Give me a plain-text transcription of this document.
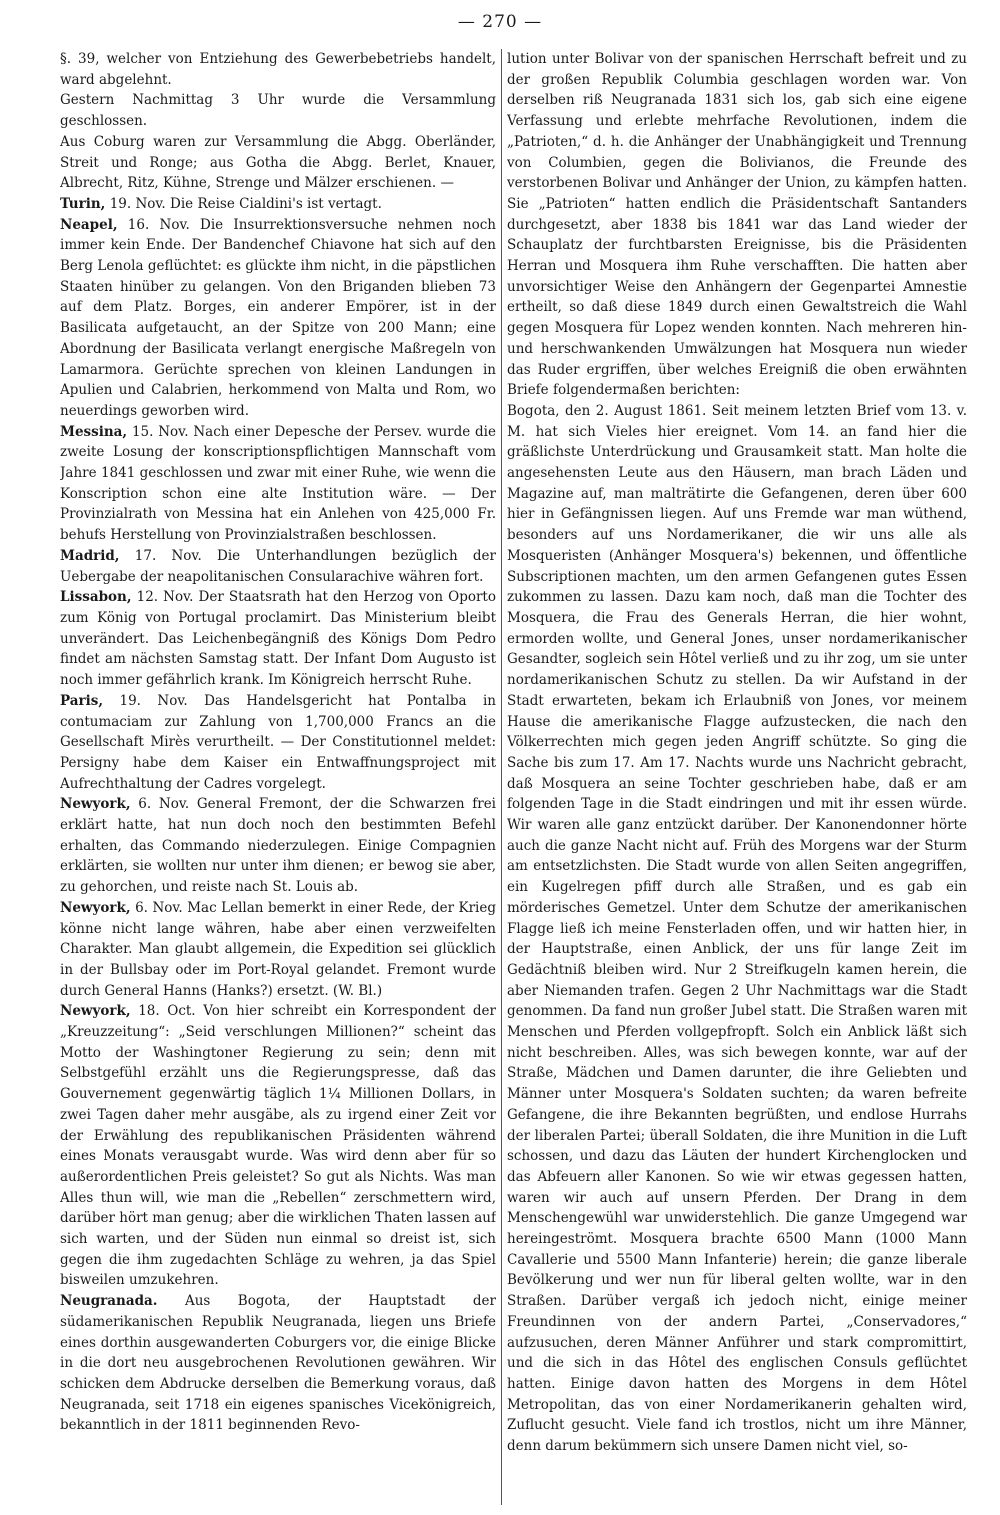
— 270 —

§. 39, welcher von Entziehung des Gewerbebetriebs handelt, ward abgelehnt.

Gestern Nachmittag 3 Uhr wurde die Versammlung geschlossen.

Aus Coburg waren zur Versammlung die Abgg. Oberländer, Streit und Ronge; aus Gotha die Abgg. Berlet, Knauer, Albrecht, Ritz, Kühne, Strenge und Mälzer erschienen. —

Turin, 19. Nov. Die Reise Cialdini's ist vertagt.

Neapel, 16. Nov. Die Insurrektionsversuche nehmen noch immer kein Ende. Der Bandenchef Chiavone hat sich auf den Berg Lenola geflüchtet: es glückte ihm nicht, in die päpstlichen Staaten hinüber zu gelangen. Von den Briganden blieben 73 auf dem Platz. Borges, ein anderer Empörer, ist in der Basilicata aufgetaucht, an der Spitze von 200 Mann; eine Abordnung der Basilicata verlangt energische Maßregeln von Lamarmora. Gerüchte sprechen von kleinen Landungen in Apulien und Calabrien, herkommend von Malta und Rom, wo neuerdings geworben wird.

Messina, 15. Nov. Nach einer Depesche der Persev. wurde die zweite Losung der konscriptionspflichtigen Mannschaft vom Jahre 1841 geschlossen und zwar mit einer Ruhe, wie wenn die Konscription schon eine alte Institution wäre. — Der Provinzialrath von Messina hat ein Anlehen von 425,000 Fr. behufs Herstellung von Provinzialstraßen beschlossen.

Madrid, 17. Nov. Die Unterhandlungen bezüglich der Uebergabe der neapolitanischen Consularachive währen fort.

Lissabon, 12. Nov. Der Staatsrath hat den Herzog von Oporto zum König von Portugal proclamirt. Das Ministerium bleibt unverändert. Das Leichenbegängniß des Königs Dom Pedro findet am nächsten Samstag statt. Der Infant Dom Augusto ist noch immer gefährlich krank. Im Königreich herrscht Ruhe.

Paris, 19. Nov. Das Handelsgericht hat Pontalba in contumaciam zur Zahlung von 1,700,000 Francs an die Gesellschaft Mirès verurtheilt. — Der Constitutionnel meldet: Persigny habe dem Kaiser ein Entwaffnungsproject mit Aufrechthaltung der Cadres vorgelegt.

Newyork, 6. Nov. General Fremont, der die Schwarzen frei erklärt hatte, hat nun doch noch den bestimmten Befehl erhalten, das Commando niederzulegen. Einige Compagnien erklärten, sie wollten nur unter ihm dienen; er bewog sie aber, zu gehorchen, und reiste nach St. Louis ab.

Newyork, 6. Nov. Mac Lellan bemerkt in einer Rede, der Krieg könne nicht lange währen, habe aber einen verzweifelten Charakter. Man glaubt allgemein, die Expedition sei glücklich in der Bullsbay oder im Port-Royal gelandet. Fremont wurde durch General Hanns (Hanks?) ersetzt. (W. Bl.)

Newyork, 18. Oct. Von hier schreibt ein Korrespondent der „Kreuzzeitung“: „Seid verschlungen Millionen?“ scheint das Motto der Washingtoner Regierung zu sein; denn mit Selbstgefühl erzählt uns die Regierungspresse, daß das Gouvernement gegenwärtig täglich 1¼ Millionen Dollars, in zwei Tagen daher mehr ausgäbe, als zu irgend einer Zeit vor der Erwählung des republikanischen Präsidenten während eines Monats verausgabt wurde. Was wird denn aber für so außerordentlichen Preis geleistet? So gut als Nichts. Was man Alles thun will, wie man die „Rebellen“ zerschmettern wird, darüber hört man genug; aber die wirklichen Thaten lassen auf sich warten, und der Süden nun einmal so dreist ist, sich gegen die ihm zugedachten Schläge zu wehren, ja das Spiel bisweilen umzukehren.

Neugranada. Aus Bogota, der Hauptstadt der südamerikanischen Republik Neugranada, liegen uns Briefe eines dorthin ausgewanderten Coburgers vor, die einige Blicke in die dort neu ausgebrochenen Revolutionen gewähren. Wir schicken dem Abdrucke derselben die Bemerkung voraus, daß Neugranada, seit 1718 ein eigenes spanisches Vicekönigreich, bekanntlich in der 1811 beginnenden Revo-

lution unter Bolivar von der spanischen Herrschaft befreit und zu der großen Republik Columbia geschlagen worden war. Von derselben riß Neugranada 1831 sich los, gab sich eine eigene Verfassung und erlebte mehrfache Revolutionen, indem die „Patrioten,“ d. h. die Anhänger der Unabhängigkeit und Trennung von Columbien, gegen die Bolivianos, die Freunde des verstorbenen Bolivar und Anhänger der Union, zu kämpfen hatten. Sie „Patrioten“ hatten endlich die Präsidentschaft Santanders durchgesetzt, aber 1838 bis 1841 war das Land wieder der Schauplatz der furchtbarsten Ereignisse, bis die Präsidenten Herran und Mosquera ihm Ruhe verschafften. Die hatten aber unvorsichtiger Weise den Anhängern der Gegenpartei Amnestie ertheilt, so daß diese 1849 durch einen Gewaltstreich die Wahl gegen Mosquera für Lopez wenden konnten. Nach mehreren hin- und herschwankenden Umwälzungen hat Mosquera nun wieder das Ruder ergriffen, über welches Ereigniß die oben erwähnten Briefe folgendermaßen berichten:

Bogota, den 2. August 1861. Seit meinem letzten Brief vom 13. v. M. hat sich Vieles hier ereignet. Vom 14. an fand hier die gräßlichste Unterdrückung und Grausamkeit statt. Man holte die angesehensten Leute aus den Häusern, man brach Läden und Magazine auf, man malträtirte die Gefangenen, deren über 600 hier in Gefängnissen liegen. Auf uns Fremde war man wüthend, besonders auf uns Nordamerikaner, die wir uns alle als Mosqueristen (Anhänger Mosquera's) bekennen, und öffentliche Subscriptionen machten, um den armen Gefangenen gutes Essen zukommen zu lassen. Dazu kam noch, daß man die Tochter des Mosquera, die Frau des Generals Herran, die hier wohnt, ermorden wollte, und General Jones, unser nordamerikanischer Gesandter, sogleich sein Hôtel verließ und zu ihr zog, um sie unter nordamerikanischen Schutz zu stellen. Da wir Aufstand in der Stadt erwarteten, bekam ich Erlaubniß von Jones, vor meinem Hause die amerikanische Flagge aufzustecken, die nach den Völkerrechten mich gegen jeden Angriff schützte. So ging die Sache bis zum 17. Am 17. Nachts wurde uns Nachricht gebracht, daß Mosquera an seine Tochter geschrieben habe, daß er am folgenden Tage in die Stadt eindringen und mit ihr essen würde. Wir waren alle ganz entzückt darüber. Der Kanonendonner hörte auch die ganze Nacht nicht auf. Früh des Morgens war der Sturm am entsetzlichsten. Die Stadt wurde von allen Seiten angegriffen, ein Kugelregen pfiff durch alle Straßen, und es gab ein mörderisches Gemetzel. Unter dem Schutze der amerikanischen Flagge ließ ich meine Fensterladen offen, und wir hatten hier, in der Hauptstraße, einen Anblick, der uns für lange Zeit im Gedächtniß bleiben wird. Nur 2 Streifkugeln kamen herein, die aber Niemanden trafen. Gegen 2 Uhr Nachmittags war die Stadt genommen. Da fand nun großer Jubel statt. Die Straßen waren mit Menschen und Pferden vollgepfropft. Solch ein Anblick läßt sich nicht beschreiben. Alles, was sich bewegen konnte, war auf der Straße, Mädchen und Damen darunter, die ihre Geliebten und Männer unter Mosquera's Soldaten suchten; da waren befreite Gefangene, die ihre Bekannten begrüßten, und endlose Hurrahs der liberalen Partei; überall Soldaten, die ihre Munition in die Luft schossen, und dazu das Läuten der hundert Kirchenglocken und das Abfeuern aller Kanonen. So wie wir etwas gegessen hatten, waren wir auch auf unsern Pferden. Der Drang in dem Menschengewühl war unwiderstehlich. Die ganze Umgegend war hereingeströmt. Mosquera brachte 6500 Mann (1000 Mann Cavallerie und 5500 Mann Infanterie) herein; die ganze liberale Bevölkerung und wer nun für liberal gelten wollte, war in den Straßen. Darüber vergaß ich jedoch nicht, einige meiner Freundinnen von der andern Partei, „Conservadores,“ aufzusuchen, deren Männer Anführer und stark compromittirt, und die sich in das Hôtel des englischen Consuls geflüchtet hatten. Einige davon hatten des Morgens in dem Hôtel Metropolitan, das von einer Nordamerikanerin gehalten wird, Zuflucht gesucht. Viele fand ich trostlos, nicht um ihre Männer, denn darum bekümmern sich unsere Damen nicht viel, so-
